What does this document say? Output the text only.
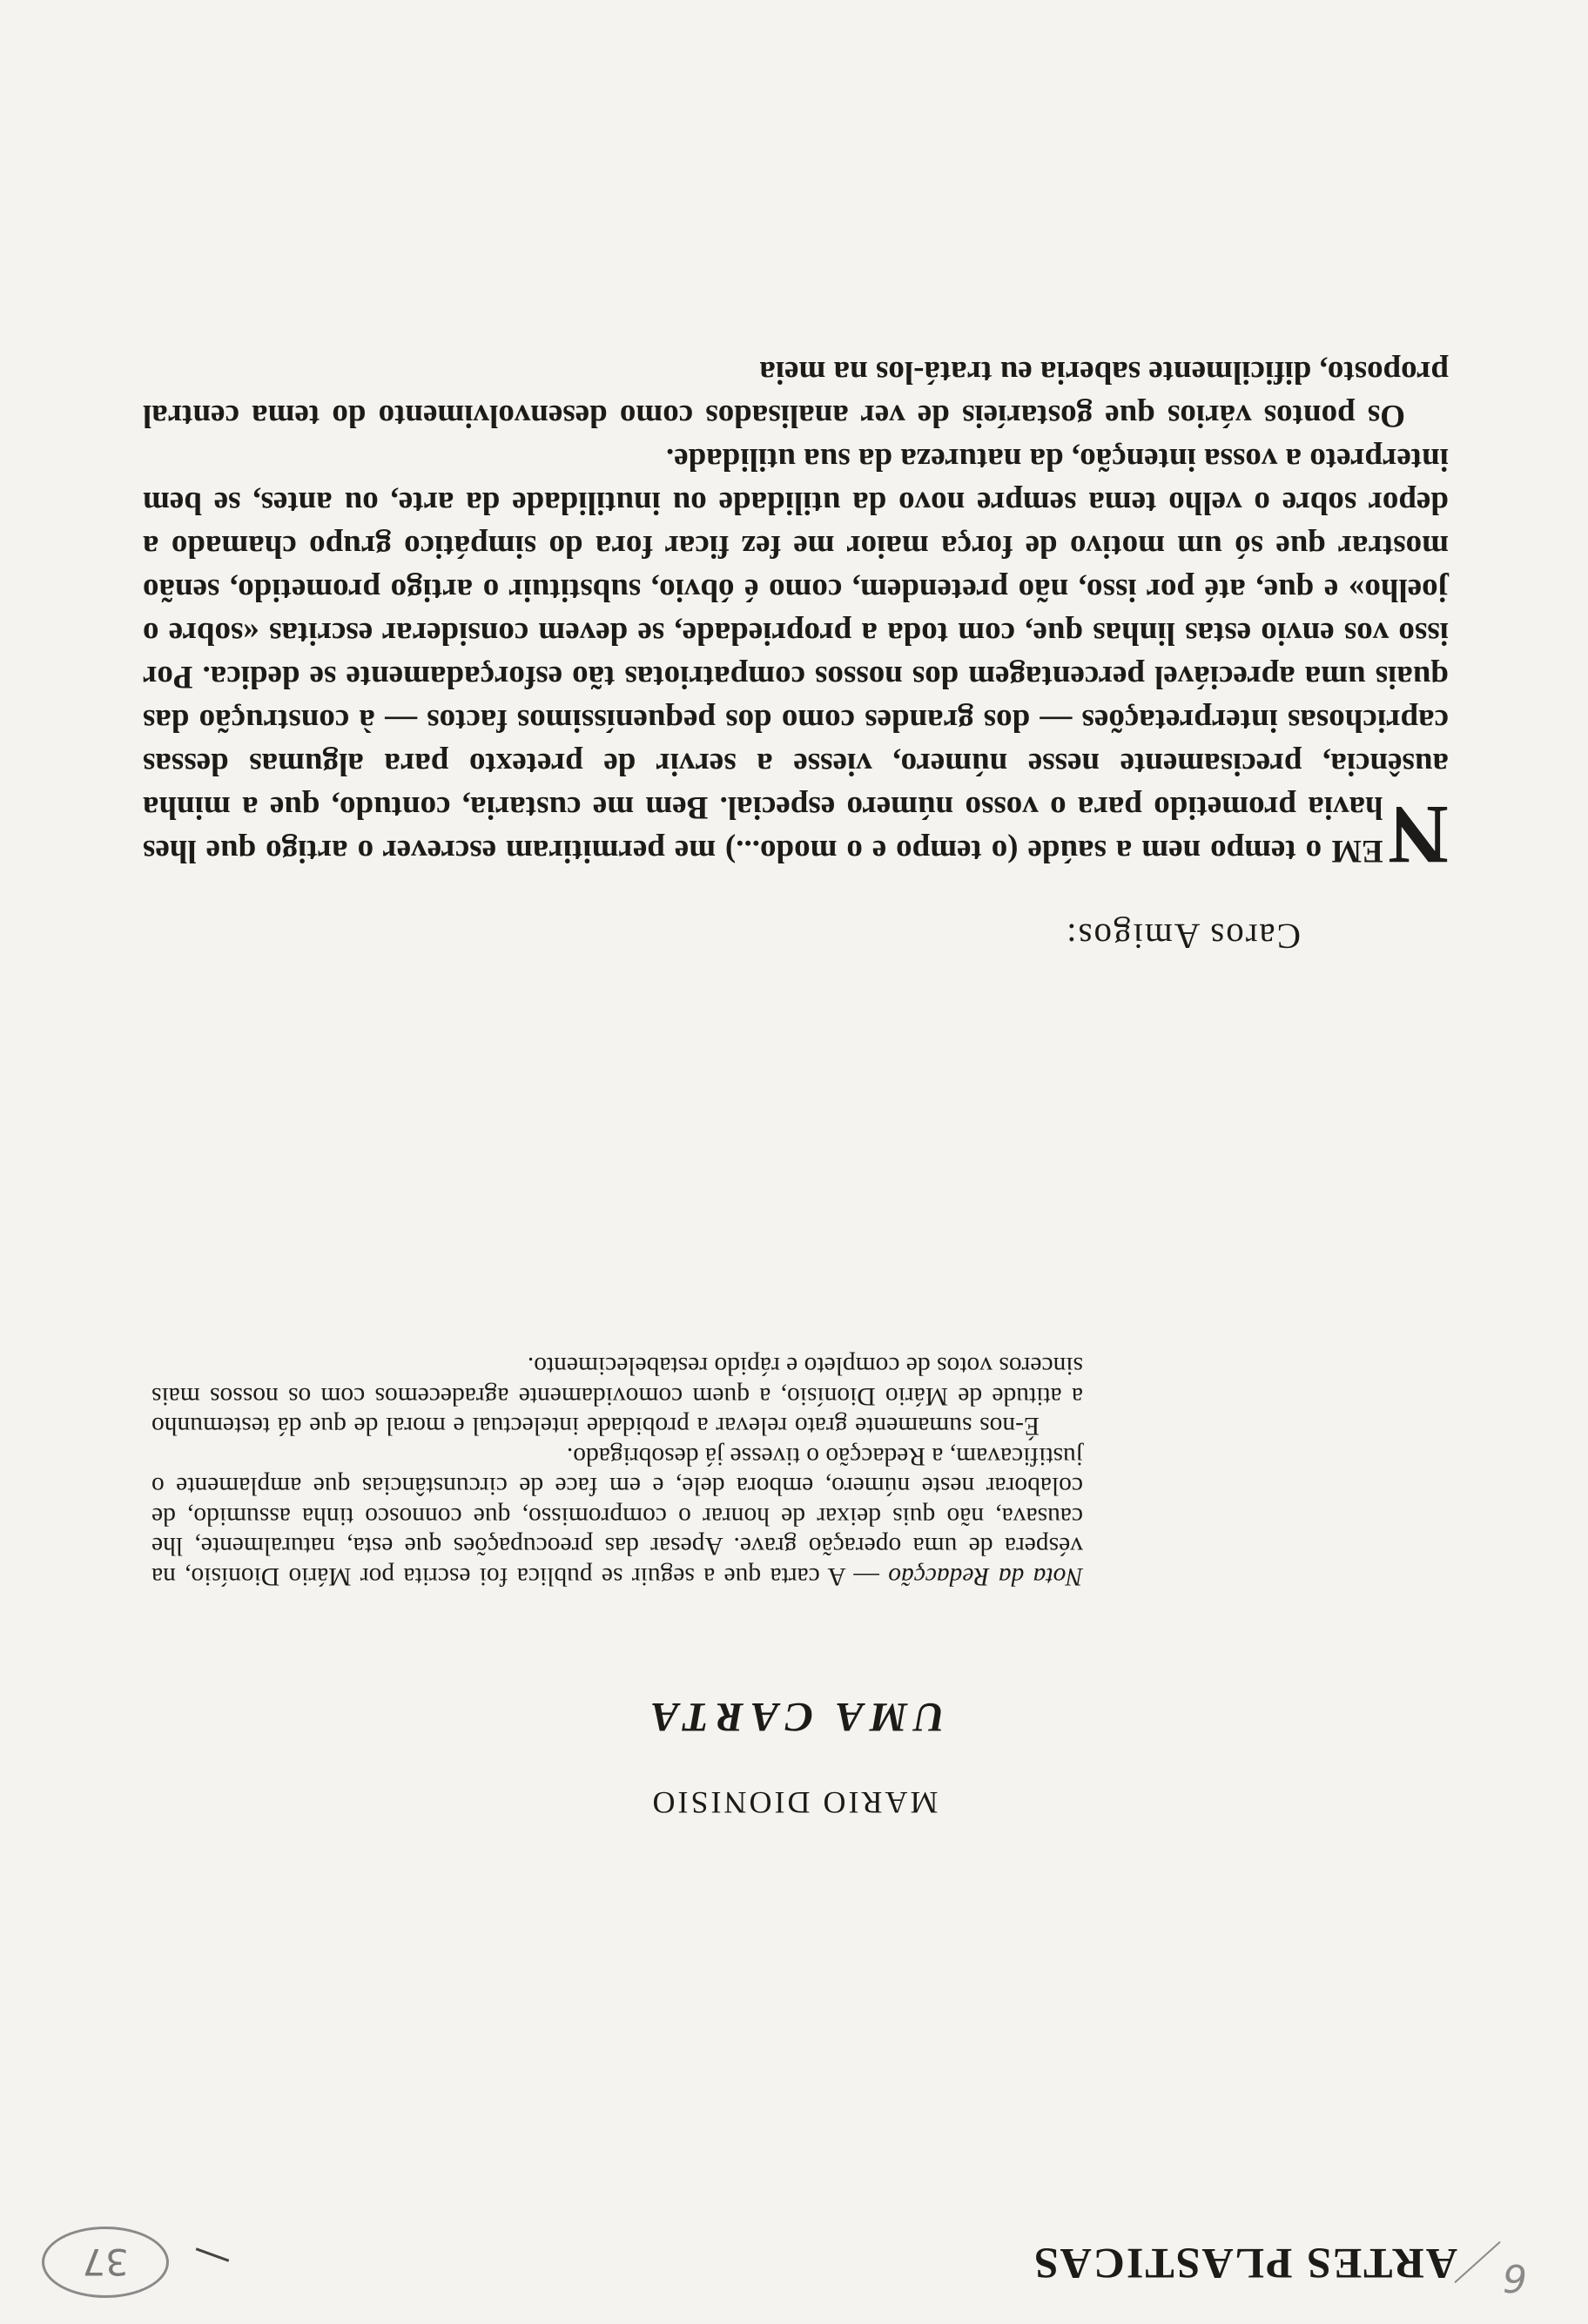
6
ARTES PLASTICAS
37
MARIO DIONISIO
UMA CARTA

Nota da Redacção — A carta que a seguir se publica foi escrita por Mário Dionísio, na véspera de uma operação grave. Apesar das preocupações que esta, naturalmente, lhe causava, não quis deixar de honrar o compromisso, que connosco tinha assumido, de colaborar neste número, embora dele, e em face de circunstâncias que amplamente o justificavam, a Redacção o tivesse já desobrigado.

É-nos sumamente grato relevar a probidade intelectual e moral de que dá testemunho a atitude de Mário Dionísio, a quem comovidamente agradecemos com os nossos mais sinceros votos de completo e rápido restabelecimento.

Caros Amigos:

N
EM o tempo nem a saúde (o tempo e o modo...) me permitiram escrever o artigo que lhes havia prometido para o vosso número especial. Bem me custaria, contudo, que a minha ausência, precisamente nesse número, viesse a servir de pretexto para algumas dessas caprichosas interpretações — dos grandes como dos pequeníssimos factos — à construção das quais uma apreciável percentagem dos nossos compatriotas tão esforçadamente se dedica. Por isso vos envio estas linhas que, com toda a propriedade, se devem considerar escritas «sobre o joelho» e que, até por isso, não pretendem, como é óbvio, substituir o artigo prometido, senão mostrar que só um motivo de força maior me fez ficar fora do simpático grupo chamado a depor sobre o velho tema sempre novo da utilidade ou inutilidade da arte, ou antes, se bem interpreto a vossa intenção, da natureza da sua utilidade.

Os pontos vários que gostaríeis de ver analisados como desenvolvimento do tema central proposto, dificilmente saberia eu tratá-los na meia
